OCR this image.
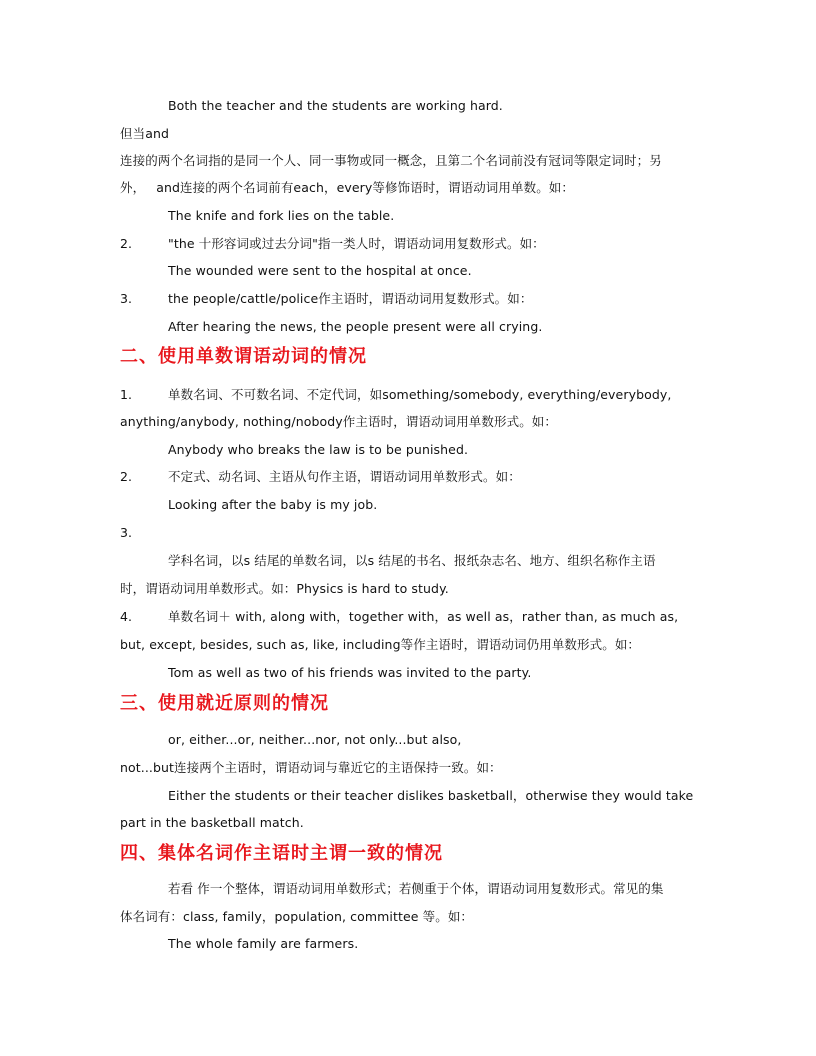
Both the teacher and the students are working hard.
但当and
连接的两个名词指的是同一个人、同一事物或同一概念，且第二个名词前没有冠词等限定词时；另
外， and连接的两个名词前有each，every等修饰语时，谓语动词用单数。如：
The knife and fork lies on the table.
2.	"the 十形容词或过去分词"指一类人时，谓语动词用复数形式。如：
The wounded were sent to the hospital at once.
3.	the people/cattle/police作主语时，谓语动词用复数形式。如：
After hearing the news, the people present were all crying.
二、使用单数谓语动词的情况
1.	单数名词、不可数名词、不定代词，如something/somebody, everything/everybody,
anything/anybody, nothing/nobody作主语时，谓语动词用单数形式。如：
Anybody who breaks the law is to be punished.
2.	不定式、动名词、主语从句作主语，谓语动词用单数形式。如：
Looking after the baby is my job.
3.
学科名词，以s 结尾的单数名词，以s 结尾的书名、报纸杂志名、地方、组织名称作主语
时，谓语动词用单数形式。如：Physics is hard to study.
4.	单数名词＋ with, along with，together with，as well as，rather than, as much as,
but, except, besides, such as, like, including等作主语时，谓语动词仍用单数形式。如：
Tom as well as two of his friends was invited to the party.
三、使用就近原则的情况
or, either...or, neither...nor, not only...but also,
not...but连接两个主语时，谓语动词与靠近它的主语保持一致。如：
Either the students or their teacher dislikes basketball，otherwise they would take
part in the basketball match.
四、集体名词作主语时主谓一致的情况
若看 作一个整体，谓语动词用单数形式；若侧重于个体，谓语动词用复数形式。常见的集
体名词有：class, family，population, committee 等。如：
The whole family are farmers.
